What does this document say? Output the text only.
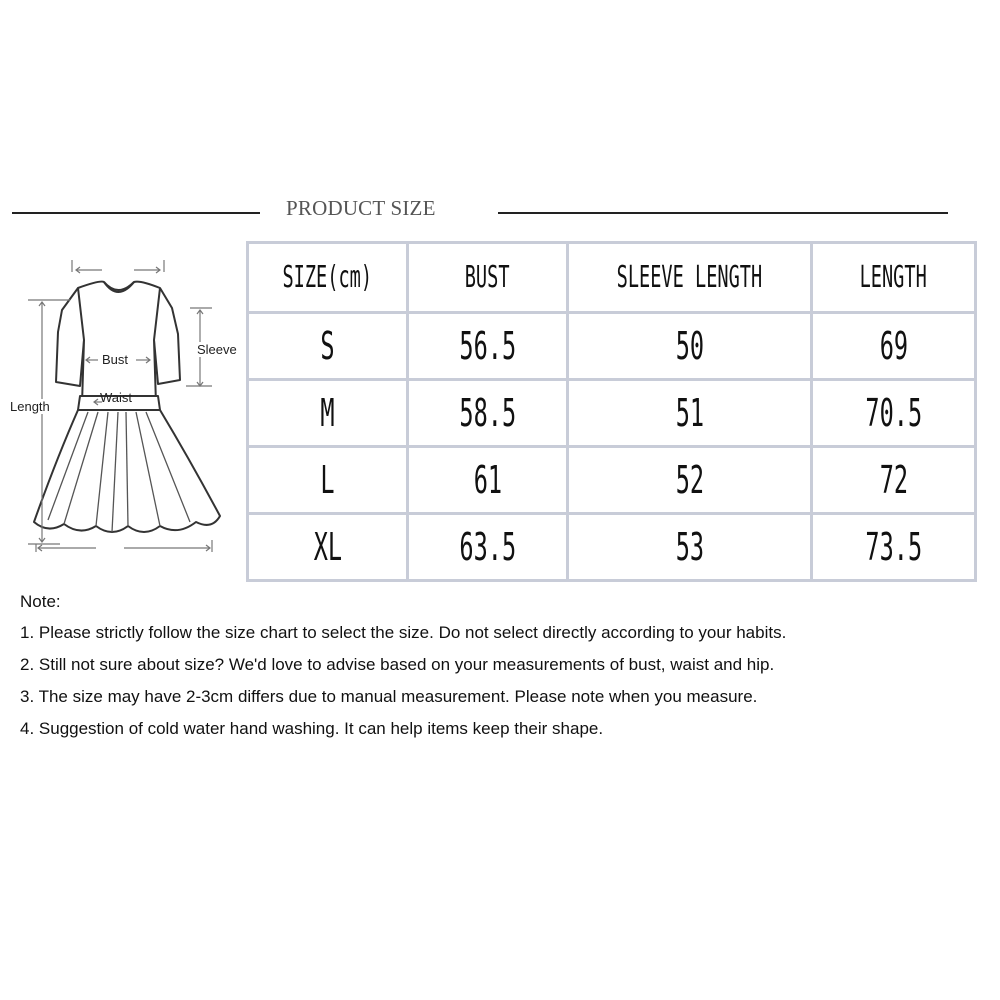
PRODUCT SIZE
Bust
Sleeve
Waist
Length
SIZE(cm)	BUST	SLEEVE LENGTH	LENGTH
S	56.5	50	69
M	58.5	51	70.5
L	61	52	72
XL	63.5	53	73.5
Note:
1. Please strictly follow the size chart to select the size. Do not select directly according to your habits.
2. Still not sure about size? We'd love to advise based on your measurements of bust, waist and hip.
3. The size may have 2-3cm differs due to manual measurement. Please note when you measure.
4. Suggestion of cold water hand washing. It can help items keep their shape.
